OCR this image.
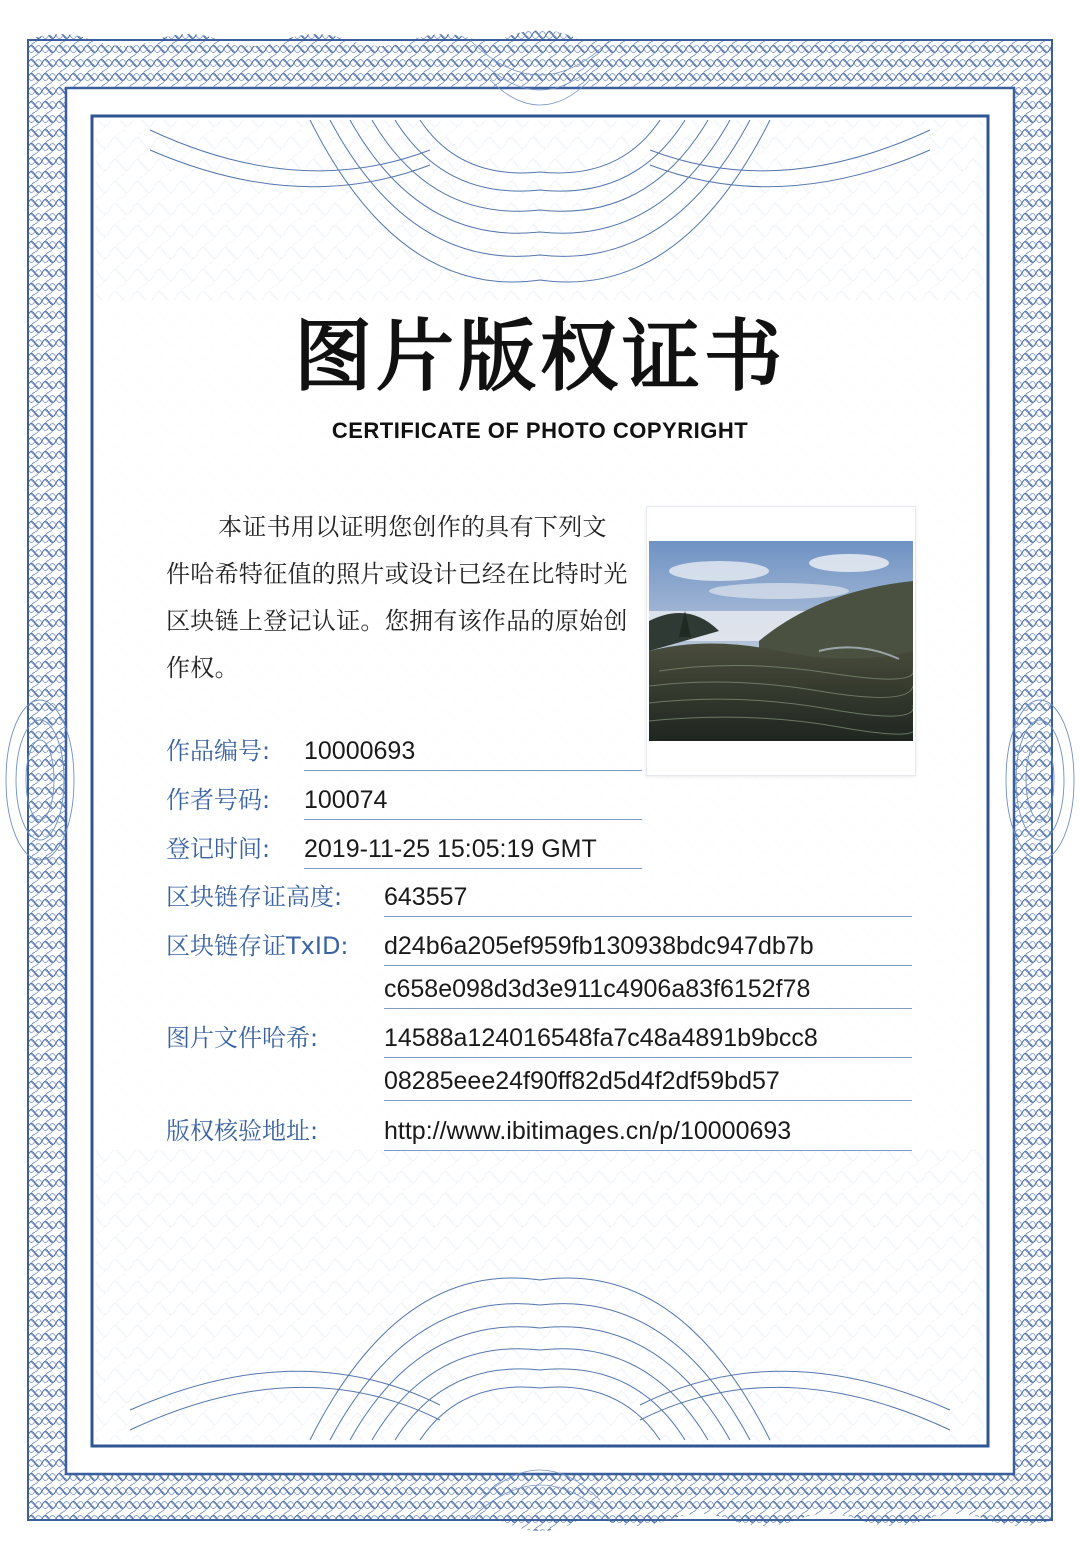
图片版权证书
CERTIFICATE OF PHOTO COPYRIGHT
本证书用以证明您创作的具有下列文件哈希特征值的照片或设计已经在比特时光区块链上登记认证。您拥有该作品的原始创作权。
作品编号: 10000693
作者号码: 100074
登记时间: 2019-11-25 15:05:19 GMT
区块链存证高度: 643557
区块链存证TxID: d24b6a205ef959fb130938bdc947db7b
c658e098d3d3e911c4906a83f6152f78
图片文件哈希:	14588a124016548fa7c48a4891b9bcc8
08285eee24f90ff82d5d4f2df59bd57
版权核验地址:	http://www.ibitimages.cn/p/10000693
